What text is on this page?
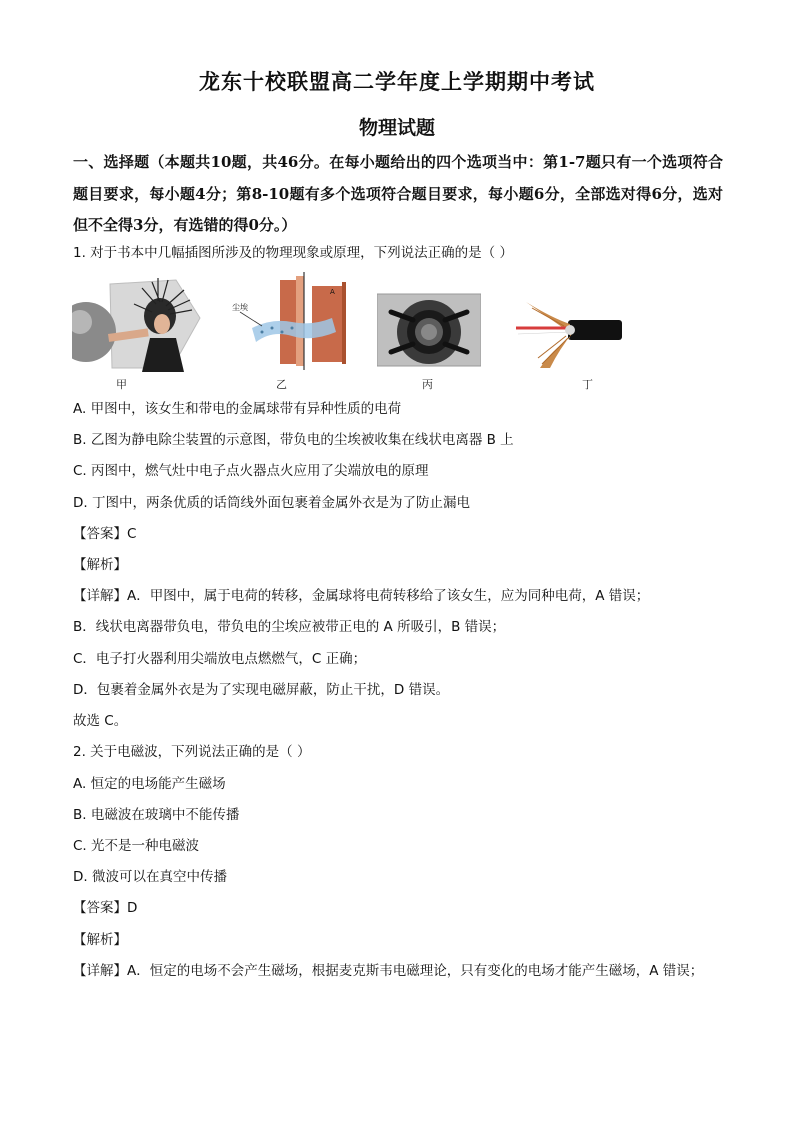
龙东十校联盟高二学年度上学期期中考试
物理试题
一、选择题（本题共10题，共46分。在每小题给出的四个选项当中：第1-7题只有一个选项符合题目要求，每小题4分；第8-10题有多个选项符合题目要求，每小题6分，全部选对得6分，选对但不全得3分，有选错的得0分。）
1. 对于书本中几幅插图所涉及的物理现象或原理，下列说法正确的是（ ）
甲
A
尘埃
乙	丙	丁
A. 甲图中，该女生和带电的金属球带有异种性质的电荷
B. 乙图为静电除尘装置的示意图，带负电的尘埃被收集在线状电离器 B 上
C. 丙图中，燃气灶中电子点火器点火应用了尖端放电的原理
D. 丁图中，两条优质的话筒线外面包裹着金属外衣是为了防止漏电
【答案】C
【解析】
【详解】A．甲图中，属于电荷的转移，金属球将电荷转移给了该女生，应为同种电荷，A 错误；
B．线状电离器带负电，带负电的尘埃应被带正电的 A 所吸引，B 错误；
C．电子打火器利用尖端放电点燃燃气，C 正确；
D．包裹着金属外衣是为了实现电磁屏蔽，防止干扰，D 错误。
故选 C。
2. 关于电磁波，下列说法正确的是（ ）
A. 恒定的电场能产生磁场
B. 电磁波在玻璃中不能传播
C. 光不是一种电磁波
D. 微波可以在真空中传播
【答案】D
【解析】
【详解】A．恒定的电场不会产生磁场，根据麦克斯韦电磁理论，只有变化的电场才能产生磁场，A 错误；
